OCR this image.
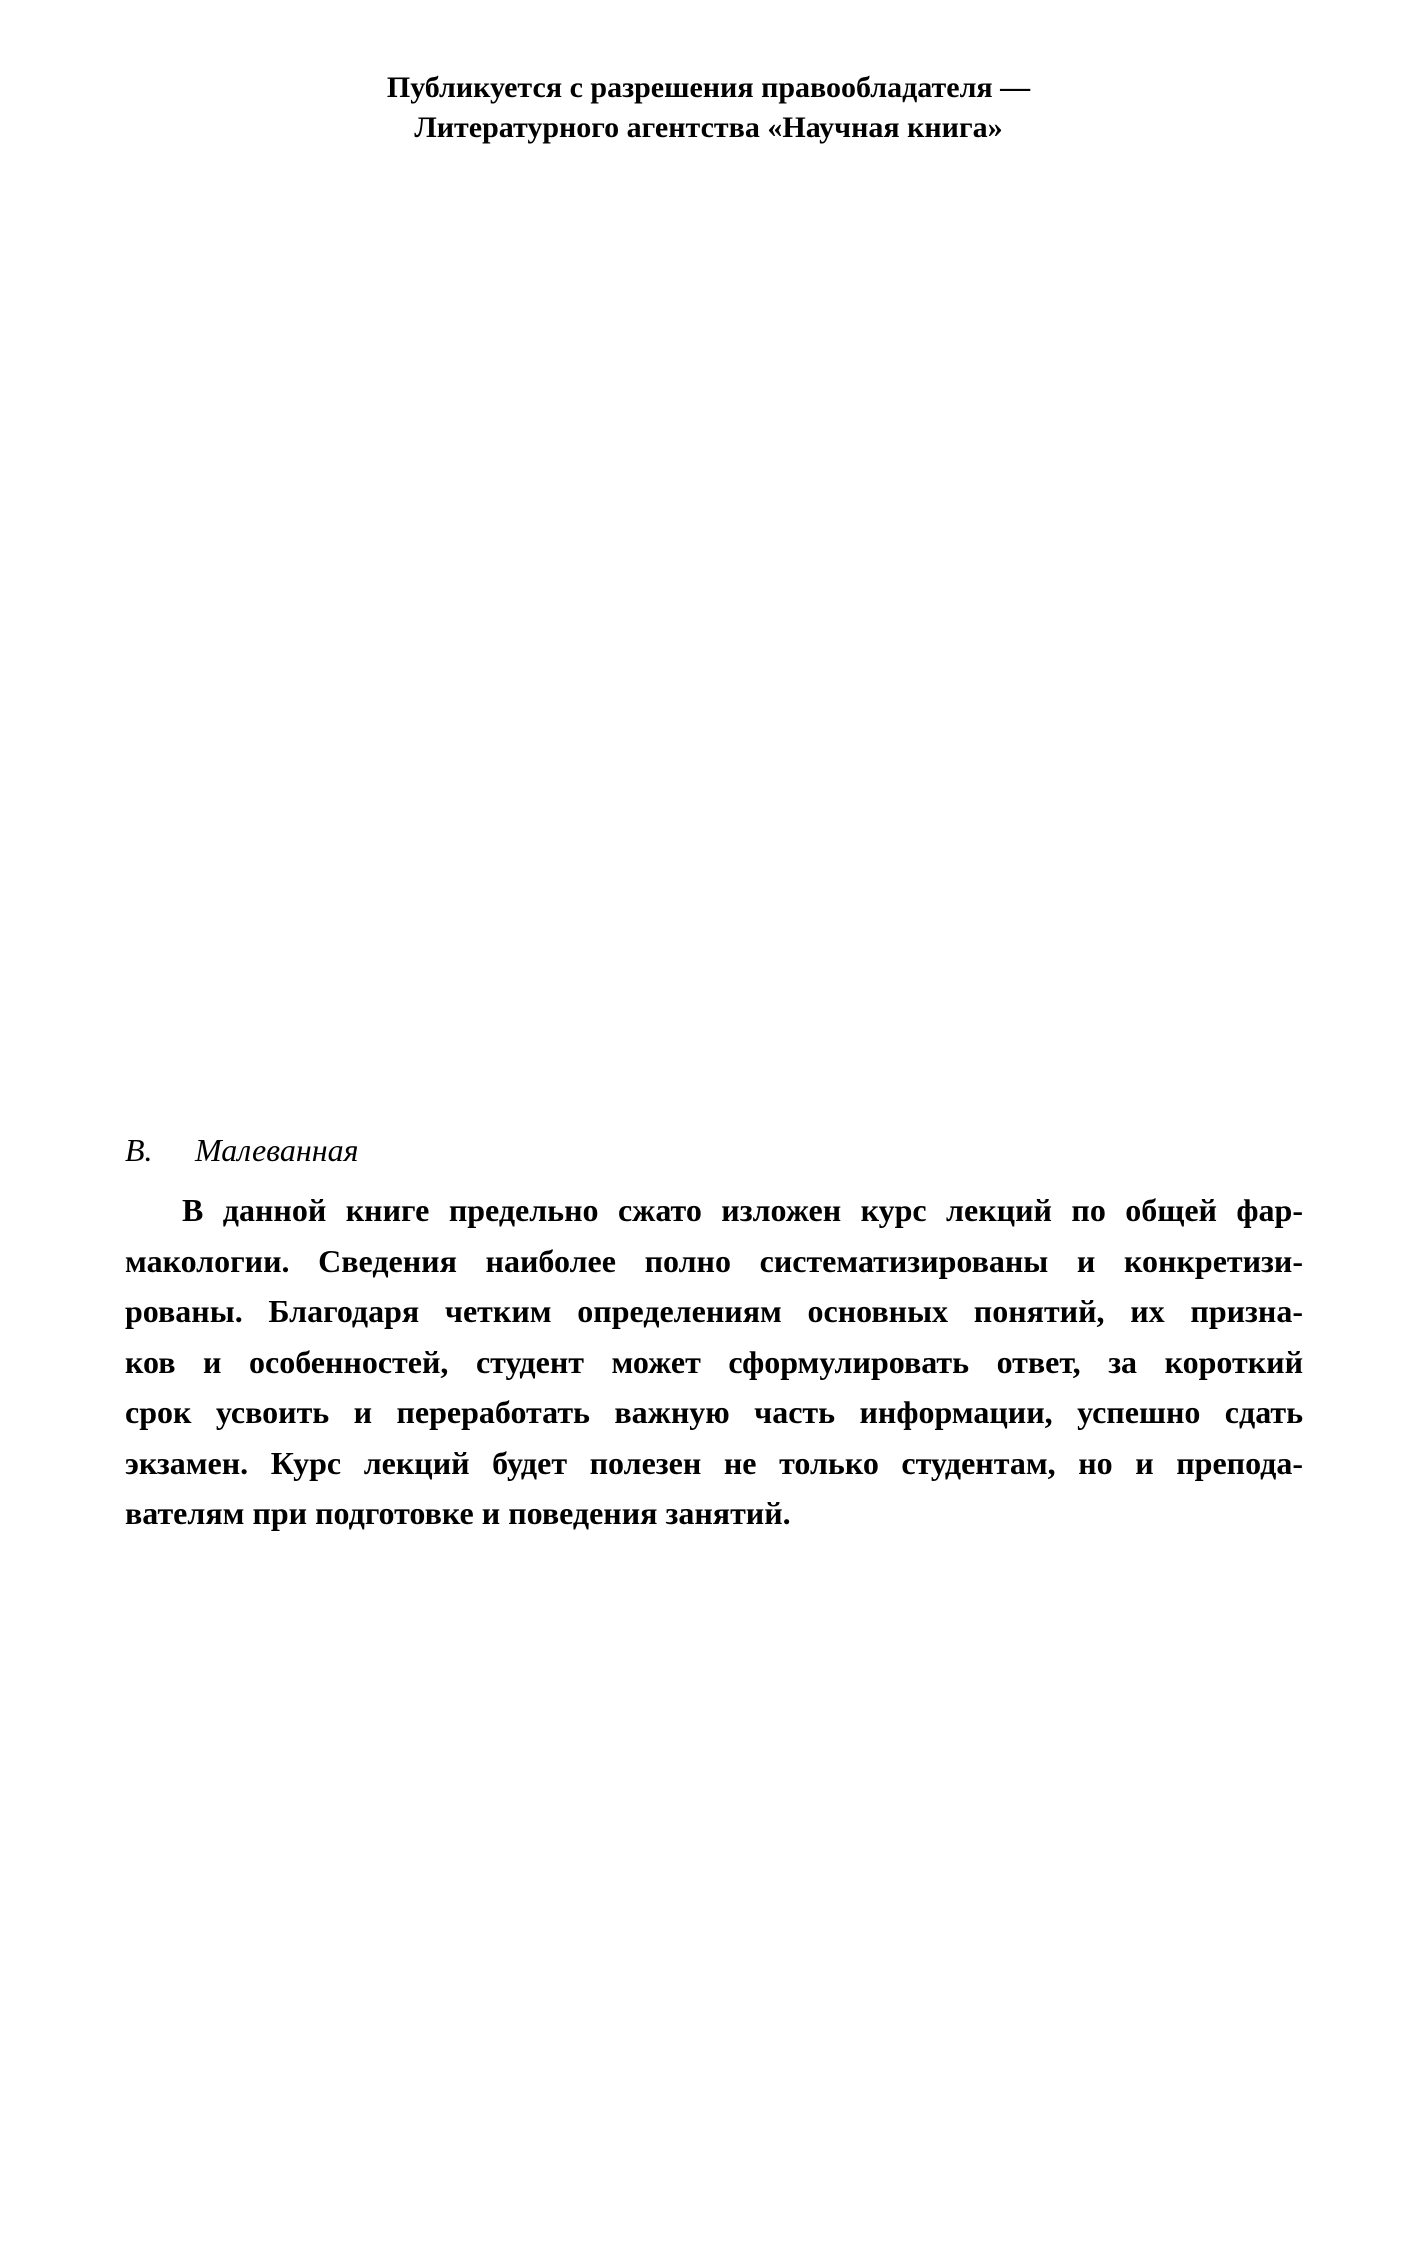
Публикуется с разрешения правообладателя —
Литературного агентства «Научная книга»
В. Малеванная
В данной книге предельно сжато изложен курс лекций по общей фар-
макологии. Сведения наиболее полно систематизированы и конкретизи-
рованы. Благодаря четким определениям основных понятий, их призна-
ков и особенностей, студент может сформулировать ответ, за короткий
срок усвоить и переработать важную часть информации, успешно сдать
экзамен. Курс лекций будет полезен не только студентам, но и препода-
вателям при подготовке и поведения занятий.
